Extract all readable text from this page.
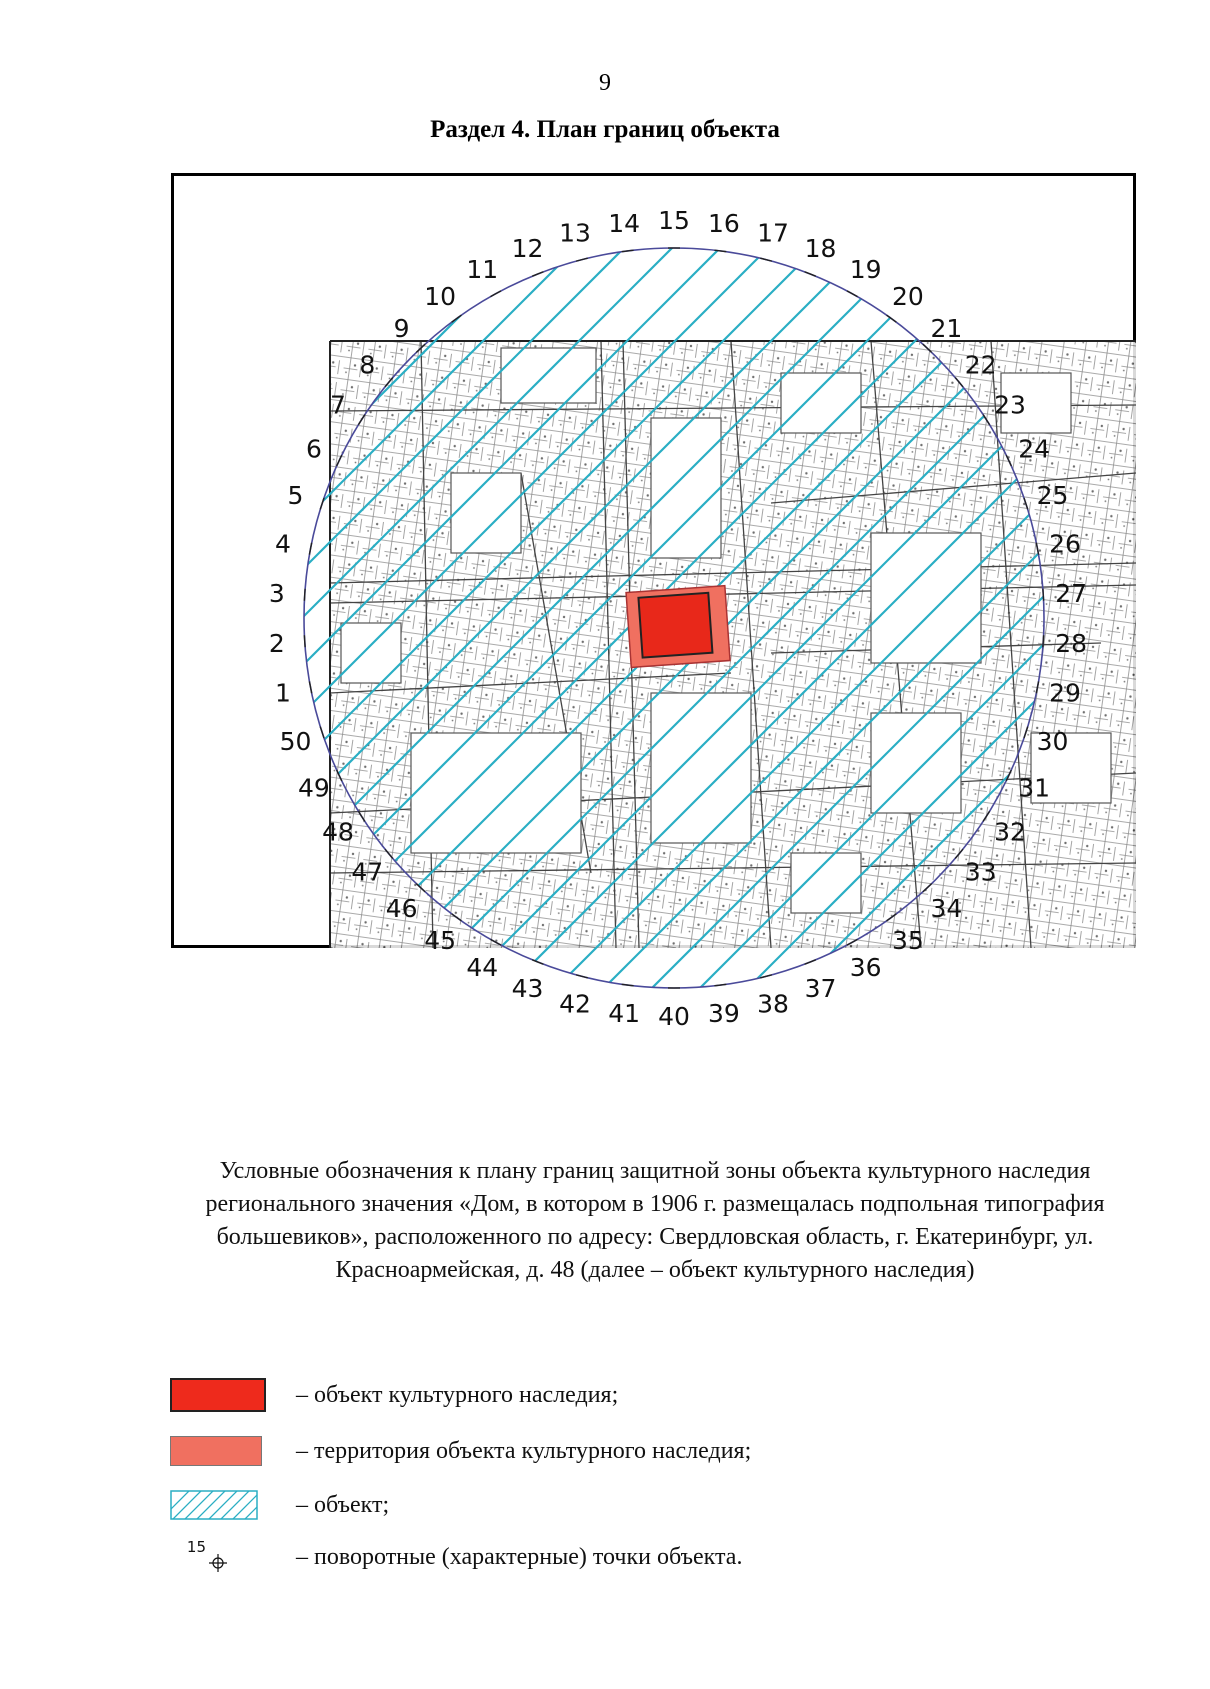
9
Раздел 4. План границ объекта
1
2
3
4
5
6
7
8
9
10
11
12
13 14 15 16 17
18
19
20
21
22
23
24
25
26
27
28
29
30
31
32
33
34
35
36
37
38
39
40
41
42
43
44
45
46
47
48
49
50
Условные обозначения к плану границ защитной зоны объекта культурного наследия регионального значения «Дом, в котором в 1906 г. размещалась подпольная типография большевиков», расположенного по адресу: Свердловская область, г. Екатеринбург, ул. Красноармейская, д. 48 (далее – объект культурного наследия)
– объект культурного наследия;
– территория объекта культурного наследия;
– объект;
15	– поворотные (характерные) точки объекта.
